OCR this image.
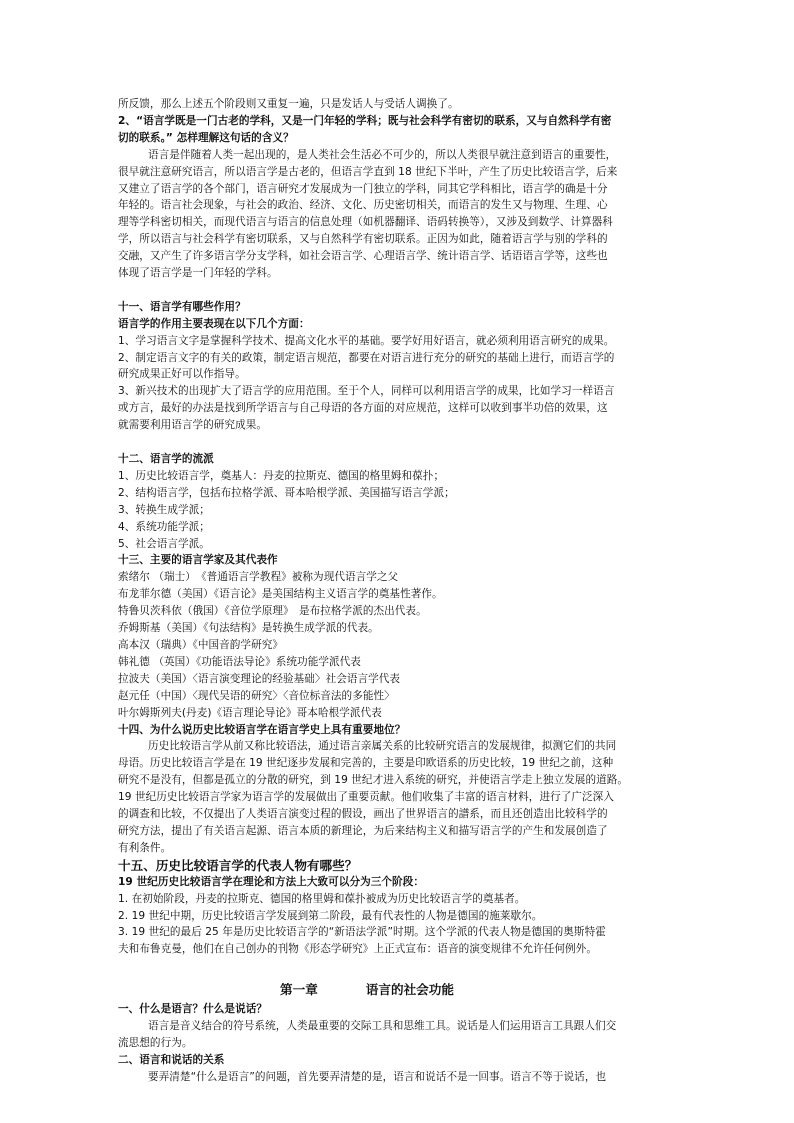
所反馈，那么上述五个阶段则又重复一遍，只是发话人与受话人调换了。
2、“语言学既是一门古老的学科，又是一门年轻的学科；既与社会科学有密切的联系，又与自然科学有密
切的联系。” 怎样理解这句话的含义？
语言是伴随着人类一起出现的，是人类社会生活必不可少的，所以人类很早就注意到语言的重要性，
很早就注意研究语言，所以语言学是古老的，但语言学直到 18 世纪下半叶，产生了历史比较语言学，后来
又建立了语言学的各个部门，语言研究才发展成为一门独立的学科，同其它学科相比，语言学的确是十分
年轻的。语言社会现象，与社会的政治、经济、文化、历史密切相关，而语言的发生又与物理、生理、心
理等学科密切相关，而现代语言与语言的信息处理（如机器翻译、语码转换等），又涉及到数学、计算器科
学，所以语言与社会科学有密切联系，又与自然科学有密切联系。正因为如此，随着语言学与别的学科的
交融，又产生了许多语言学分支学科，如社会语言学、心理语言学、统计语言学、话语语言学等，这些也
体现了语言学是一门年轻的学科。
十一、语言学有哪些作用？
语言学的作用主要表现在以下几个方面：
1、学习语言文字是掌握科学技术、提高文化水平的基础。要学好用好语言，就必须利用语言研究的成果。
2、制定语言文字的有关的政策，制定语言规范，都要在对语言进行充分的研究的基础上进行，而语言学的
研究成果正好可以作指导。
3、新兴技术的出现扩大了语言学的应用范围。至于个人，同样可以利用语言学的成果，比如学习一样语言
或方言，最好的办法是找到所学语言与自己母语的各方面的对应规范，这样可以收到事半功倍的效果，这
就需要利用语言学的研究成果。
十二、语言学的流派
1、历史比较语言学，奠基人：丹麦的拉斯克、德国的格里姆和葆扑；
2、结构语言学，包括布拉格学派、哥本哈根学派、美国描写语言学派；
3、转换生成学派；
4、系统功能学派；
5、社会语言学派。
十三、主要的语言学家及其代表作
索绪尔 （瑞士）　《普通语言学教程》被称为现代语言学之父
布龙菲尔德（美国）《语言论》是美国结构主义语言学的奠基性著作。
特鲁贝茨科依（俄国）《音位学原理》　是布拉格学派的杰出代表。
乔姆斯基（美国）《句法结构》是转换生成学派的代表。
高本汉（瑞典）《中国音韵学研究》
韩礼德 （英国）《功能语法导论》系统功能学派代表
拉波夫（美国）〈语言演变理论的经验基础〉社会语言学代表
赵元任（中国）〈现代吴语的研究〉〈音位标音法的多能性〉
叶尔姆斯列夫(丹麦)《语言理论导论》哥本哈根学派代表
十四、为什么说历史比较语言学在语言学史上具有重要地位？
历史比较语言学从前又称比较语法，通过语言亲属关系的比较研究语言的发展规律，拟测它们的共同
母语。历史比较语言学是在 19 世纪逐步发展和完善的，主要是印欧语系的历史比较，19 世纪之前，这种
研究不是没有，但都是孤立的分散的研究，到 19 世纪才进入系统的研究，并使语言学走上独立发展的道路。
19 世纪历史比较语言学家为语言学的发展做出了重要贡献。他们收集了丰富的语言材料，进行了广泛深入
的调查和比较，不仅提出了人类语言演变过程的假设，画出了世界语言的譜系，而且还创造出比较科学的
研究方法，提出了有关语言起源、语言本质的新理论，为后来结构主义和描写语言学的产生和发展创造了
有利条件。
十五、历史比较语言学的代表人物有哪些？
19 世纪历史比较语言学在理论和方法上大致可以分为三个阶段：
1. 在初始阶段，丹麦的拉斯克、德国的格里姆和葆扑被成为历史比较语言学的奠基者。
2. 19 世纪中期，历史比较语言学发展到第二阶段，最有代表性的人物是德国的施莱歇尔。
3. 19 世纪的最后 25 年是历史比较语言学的“新语法学派”时期。这个学派的代表人物是德国的奥斯特霍
夫和布鲁克曼，他们在自己创办的刊物《形态学研究》上正式宣布：语音的演变规律不允许任何例外。
第一章	语言的社会功能
一、什么是语言？什么是说话？
语言是音义结合的符号系统，人类最重要的交际工具和思维工具。说话是人们运用语言工具跟人们交
流思想的行为。
二、语言和说话的关系
要弄清楚“什么是语言”的问题，首先要弄清楚的是，语言和说话不是一回事。语言不等于说话，也
